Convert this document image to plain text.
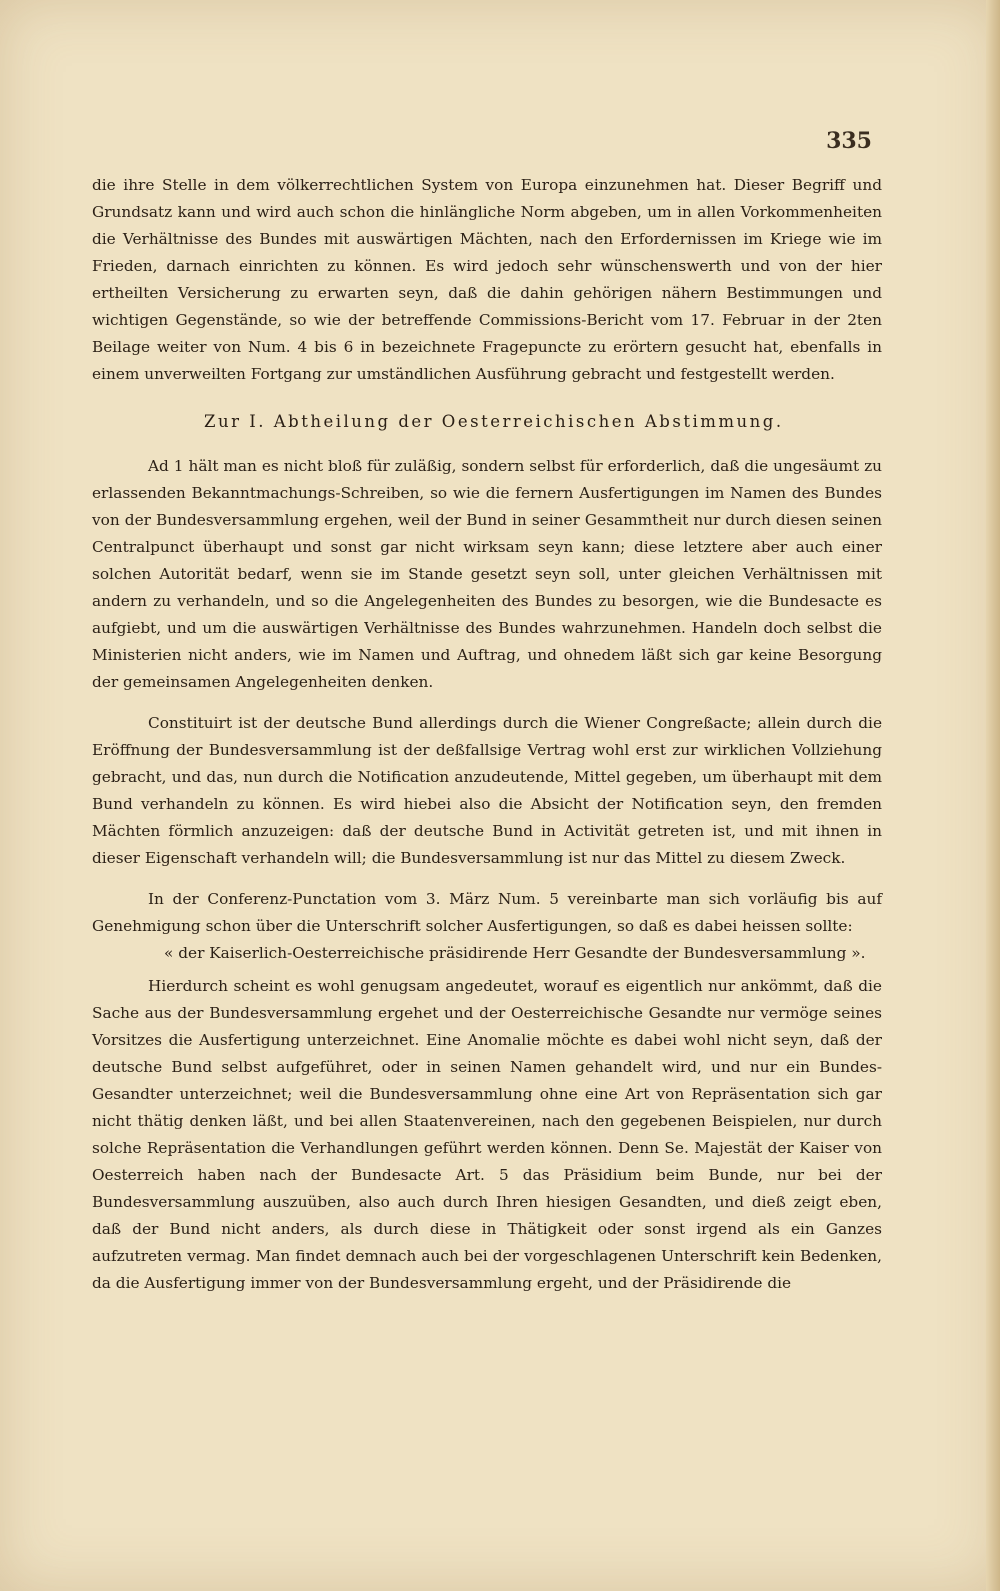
335

die ihre Stelle in dem völkerrechtlichen System von Europa einzunehmen hat. Dieser Begriff und Grundsatz kann und wird auch schon die hinlängliche Norm abgeben, um in allen Vorkommenheiten die Verhältnisse des Bundes mit auswärtigen Mächten, nach den Erfordernissen im Kriege wie im Frieden, darnach einrichten zu können. Es wird jedoch sehr wünschenswerth und von der hier ertheilten Versicherung zu erwarten seyn, daß die dahin gehörigen nähern Bestimmungen und wichtigen Gegenstände, so wie der betreffende Commissions-Bericht vom 17. Februar in der 2ten Beilage weiter von Num. 4 bis 6 in bezeichnete Fragepuncte zu erörtern gesucht hat, ebenfalls in einem unverweilten Fortgang zur umständlichen Ausführung gebracht und festgestellt werden.

Zur I. Abtheilung der Oesterreichischen Abstimmung.

Ad 1 hält man es nicht bloß für zuläßig, sondern selbst für erforderlich, daß die ungesäumt zu erlassenden Bekanntmachungs-Schreiben, so wie die fernern Ausfertigungen im Namen des Bundes von der Bundesversammlung ergehen, weil der Bund in seiner Gesammtheit nur durch diesen seinen Centralpunct überhaupt und sonst gar nicht wirksam seyn kann; diese letztere aber auch einer solchen Autorität bedarf, wenn sie im Stande gesetzt seyn soll, unter gleichen Verhältnissen mit andern zu verhandeln, und so die Angelegenheiten des Bundes zu besorgen, wie die Bundesacte es aufgiebt, und um die auswärtigen Verhältnisse des Bundes wahrzunehmen. Handeln doch selbst die Ministerien nicht anders, wie im Namen und Auftrag, und ohnedem läßt sich gar keine Besorgung der gemeinsamen Angelegenheiten denken.

Constituirt ist der deutsche Bund allerdings durch die Wiener Congreßacte; allein durch die Eröffnung der Bundesversammlung ist der deßfallsige Vertrag wohl erst zur wirklichen Vollziehung gebracht, und das, nun durch die Notification anzudeutende, Mittel gegeben, um überhaupt mit dem Bund verhandeln zu können. Es wird hiebei also die Absicht der Notification seyn, den fremden Mächten förmlich anzuzeigen: daß der deutsche Bund in Activität getreten ist, und mit ihnen in dieser Eigenschaft verhandeln will; die Bundesversammlung ist nur das Mittel zu diesem Zweck.

In der Conferenz-Punctation vom 3. März Num. 5 vereinbarte man sich vorläufig bis auf Genehmigung schon über die Unterschrift solcher Ausfertigungen, so daß es dabei heissen sollte:

« der Kaiserlich-Oesterreichische präsidirende Herr Gesandte der Bundesversammlung ».

Hierdurch scheint es wohl genugsam angedeutet, worauf es eigentlich nur ankömmt, daß die Sache aus der Bundesversammlung ergehet und der Oesterreichische Gesandte nur vermöge seines Vorsitzes die Ausfertigung unterzeichnet. Eine Anomalie möchte es dabei wohl nicht seyn, daß der deutsche Bund selbst aufgeführet, oder in seinen Namen gehandelt wird, und nur ein Bundes-Gesandter unterzeichnet; weil die Bundesversammlung ohne eine Art von Repräsentation sich gar nicht thätig denken läßt, und bei allen Staatenvereinen, nach den gegebenen Beispielen, nur durch solche Repräsentation die Verhandlungen geführt werden können. Denn Se. Majestät der Kaiser von Oesterreich haben nach der Bundesacte Art. 5 das Präsidium beim Bunde, nur bei der Bundesversammlung auszuüben, also auch durch Ihren hiesigen Gesandten, und dieß zeigt eben, daß der Bund nicht anders, als durch diese in Thätigkeit oder sonst irgend als ein Ganzes aufzutreten vermag. Man findet demnach auch bei der vorgeschlagenen Unterschrift kein Bedenken, da die Ausfertigung immer von der Bundesversammlung ergeht, und der Präsidirende die
